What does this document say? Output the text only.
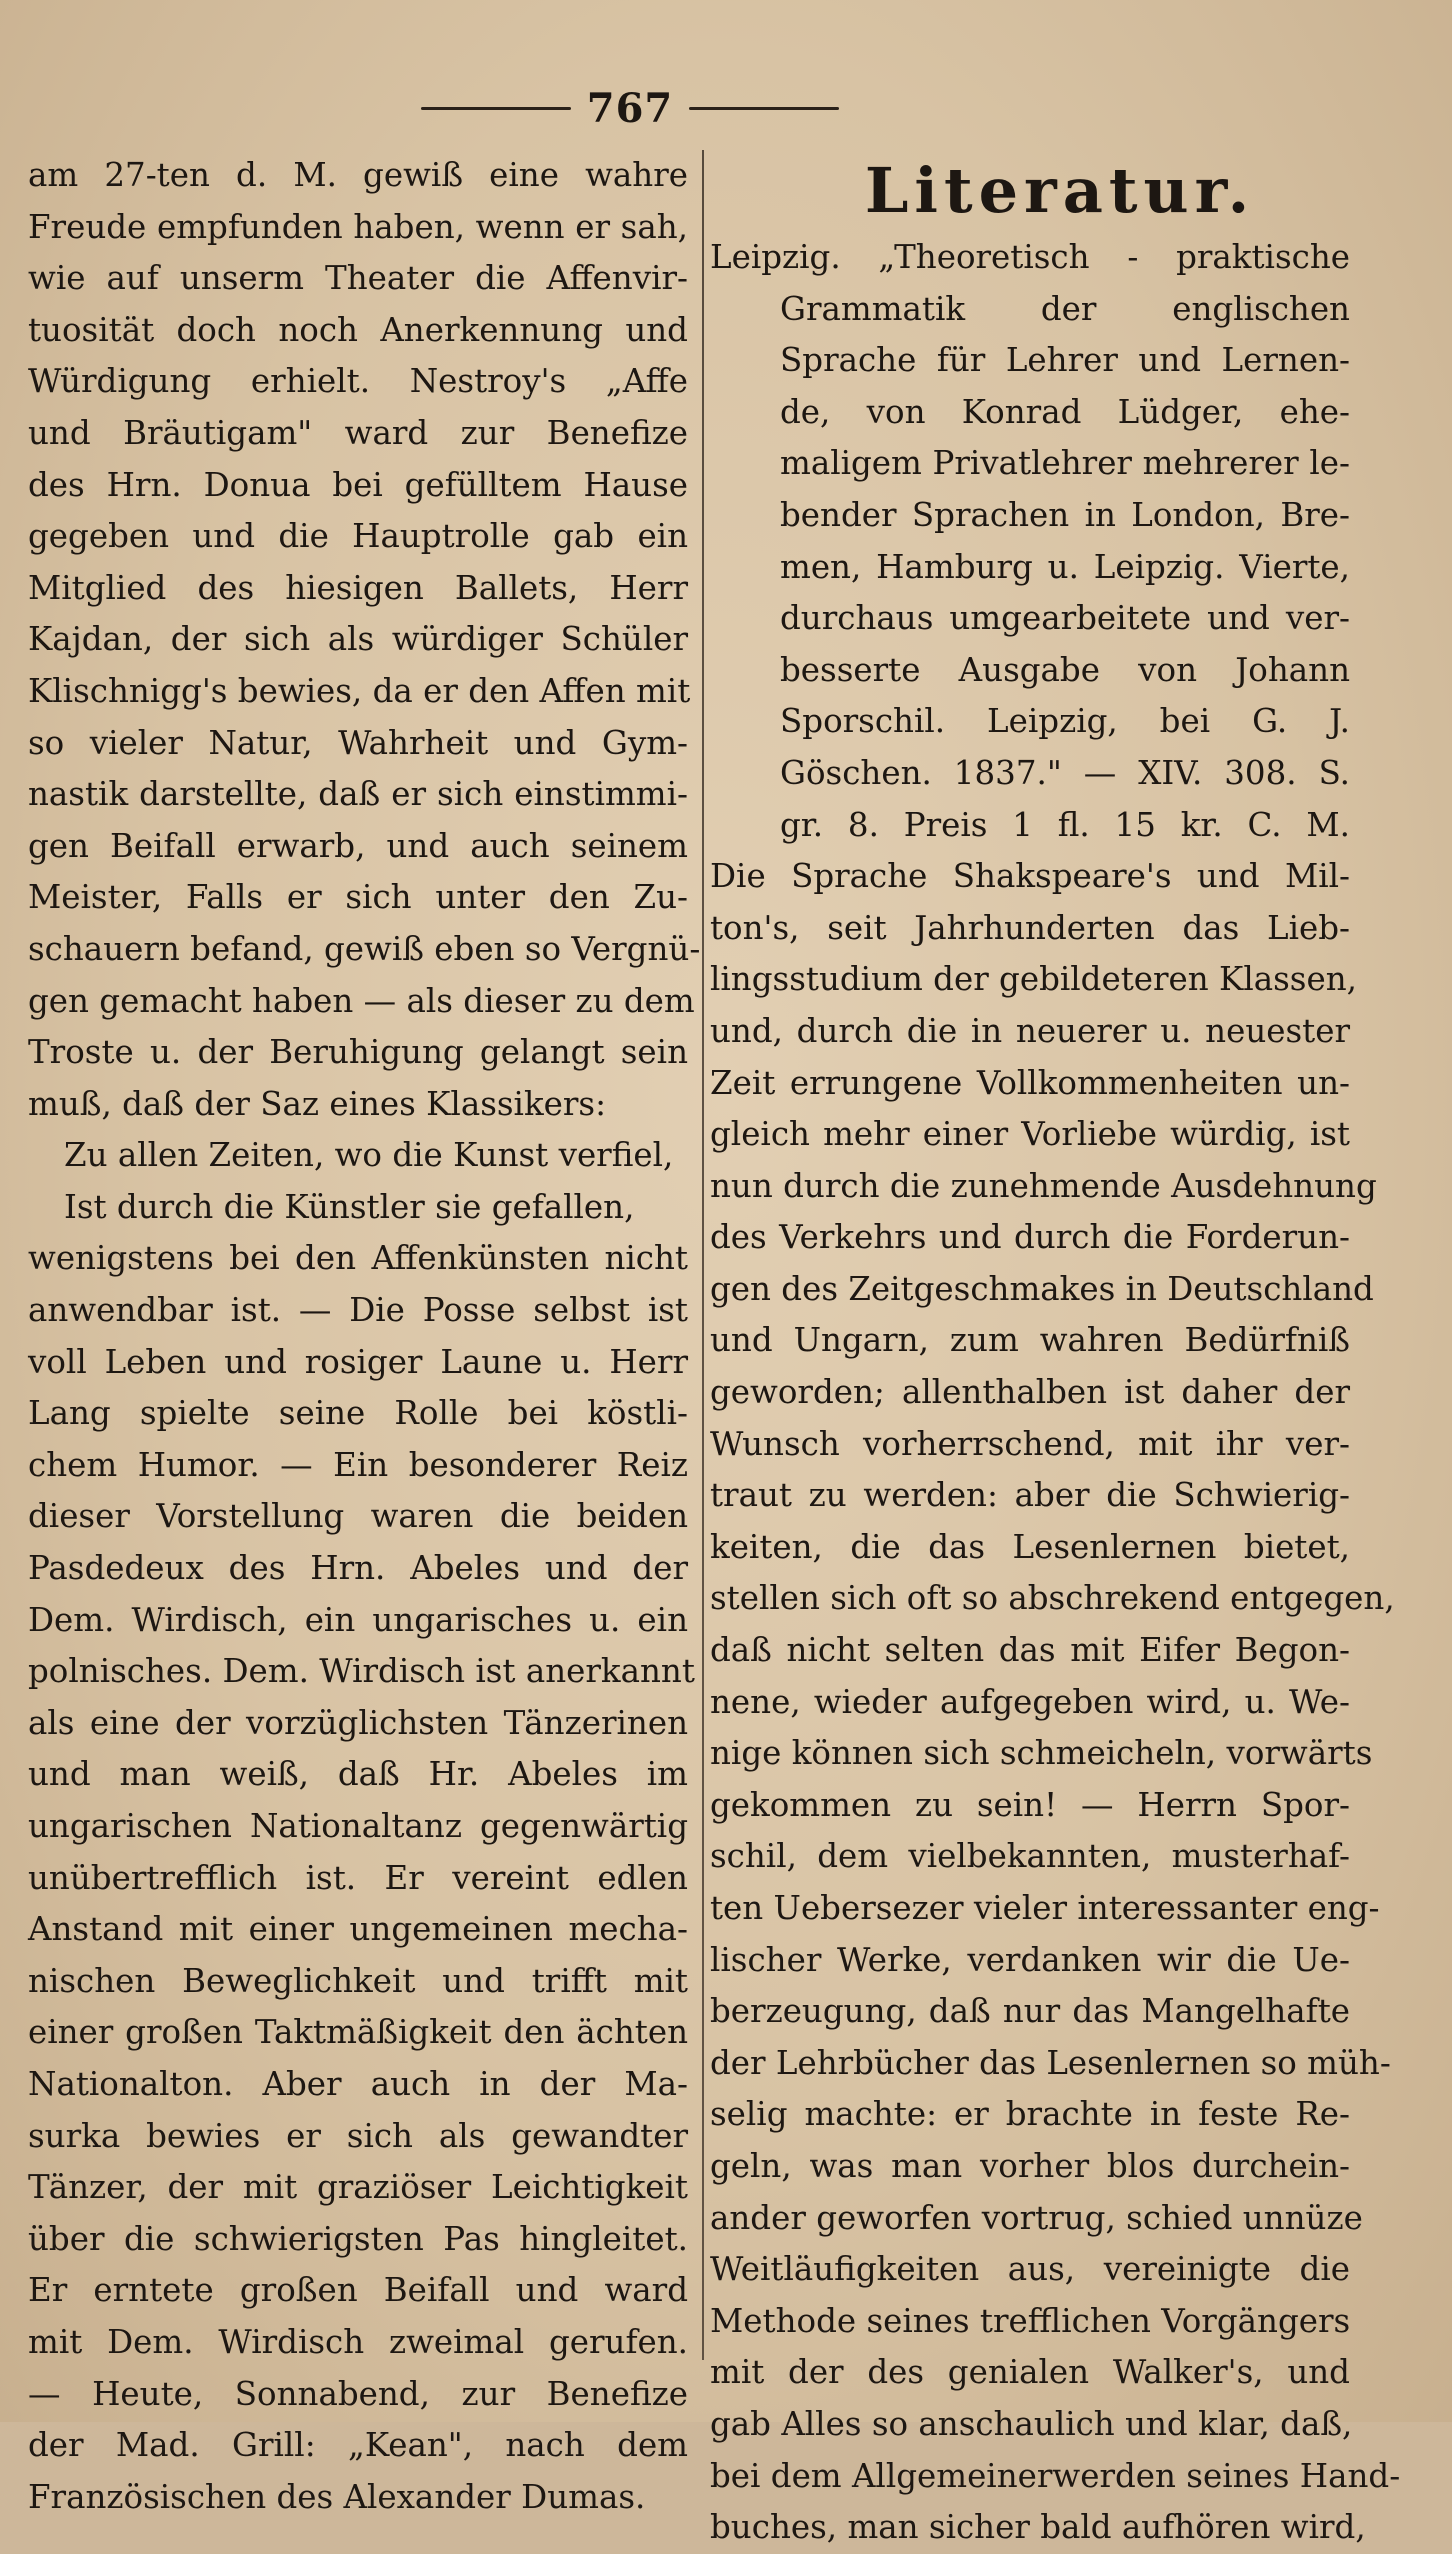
767
am 27-ten d. M. gewiß eine wahre
Freude empfunden haben, wenn er sah,
wie auf unserm Theater die Affenvir-
tuosität doch noch Anerkennung und
Würdigung erhielt. Nestroy's „Affe
und Bräutigam" ward zur Benefize
des Hrn. Donua bei gefülltem Hause
gegeben und die Hauptrolle gab ein
Mitglied des hiesigen Ballets, Herr
Kajdan, der sich als würdiger Schüler
Klischnigg's bewies, da er den Affen mit
so vieler Natur, Wahrheit und Gym-
nastik darstellte, daß er sich einstimmi-
gen Beifall erwarb, und auch seinem
Meister, Falls er sich unter den Zu-
schauern befand, gewiß eben so Vergnü-
gen gemacht haben — als dieser zu dem
Troste u. der Beruhigung gelangt sein
muß, daß der Saz eines Klassikers:
Zu allen Zeiten, wo die Kunst verfiel,
Ist durch die Künstler sie gefallen,
wenigstens bei den Affenkünsten nicht
anwendbar ist. — Die Posse selbst ist
voll Leben und rosiger Laune u. Herr
Lang spielte seine Rolle bei köstli-
chem Humor. — Ein besonderer Reiz
dieser Vorstellung waren die beiden
Pasdedeux des Hrn. Abeles und der
Dem. Wirdisch, ein ungarisches u. ein
polnisches. Dem. Wirdisch ist anerkannt
als eine der vorzüglichsten Tänzerinen
und man weiß, daß Hr. Abeles im
ungarischen Nationaltanz gegenwärtig
unübertrefflich ist. Er vereint edlen
Anstand mit einer ungemeinen mecha-
nischen Beweglichkeit und trifft mit
einer großen Taktmäßigkeit den ächten
Nationalton. Aber auch in der Ma-
surka bewies er sich als gewandter
Tänzer, der mit graziöser Leichtigkeit
über die schwierigsten Pas hingleitet.
Er erntete großen Beifall und ward
mit Dem. Wirdisch zweimal gerufen.
— Heute, Sonnabend, zur Benefize
der Mad. Grill: „Kean", nach dem
Französischen des Alexander Dumas.
Literatur.
Leipzig. „Theoretisch - praktische
Grammatik der englischen
Sprache für Lehrer und Lernen-
de, von Konrad Lüdger, ehe-
maligem Privatlehrer mehrerer le-
bender Sprachen in London, Bre-
men, Hamburg u. Leipzig. Vierte,
durchaus umgearbeitete und ver-
besserte Ausgabe von Johann
Sporschil. Leipzig, bei G. J.
Göschen. 1837." — XIV. 308. S.
gr. 8. Preis 1 fl. 15 kr. C. M.
Die Sprache Shakspeare's und Mil-
ton's, seit Jahrhunderten das Lieb-
lingsstudium der gebildeteren Klassen,
und, durch die in neuerer u. neuester
Zeit errungene Vollkommenheiten un-
gleich mehr einer Vorliebe würdig, ist
nun durch die zunehmende Ausdehnung
des Verkehrs und durch die Forderun-
gen des Zeitgeschmakes in Deutschland
und Ungarn, zum wahren Bedürfniß
geworden; allenthalben ist daher der
Wunsch vorherrschend, mit ihr ver-
traut zu werden: aber die Schwierig-
keiten, die das Lesenlernen bietet,
stellen sich oft so abschrekend entgegen,
daß nicht selten das mit Eifer Begon-
nene, wieder aufgegeben wird, u. We-
nige können sich schmeicheln, vorwärts
gekommen zu sein! — Herrn Spor-
schil, dem vielbekannten, musterhaf-
ten Uebersezer vieler interessanter eng-
lischer Werke, verdanken wir die Ue-
berzeugung, daß nur das Mangelhafte
der Lehrbücher das Lesenlernen so müh-
selig machte: er brachte in feste Re-
geln, was man vorher blos durchein-
ander geworfen vortrug, schied unnüze
Weitläufigkeiten aus, vereinigte die
Methode seines trefflichen Vorgängers
mit der des genialen Walker's, und
gab Alles so anschaulich und klar, daß,
bei dem Allgemeinerwerden seines Hand-
buches, man sicher bald aufhören wird,
